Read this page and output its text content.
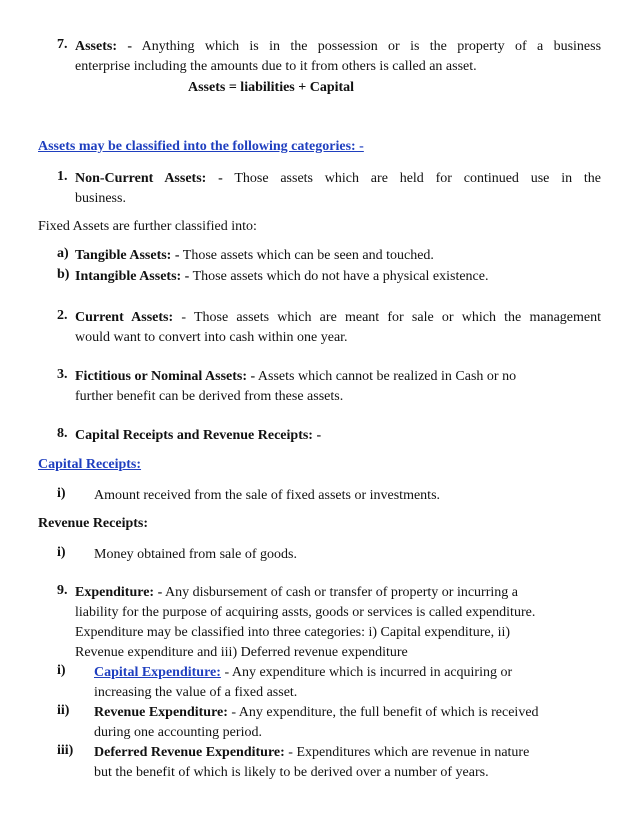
7. Assets: - Anything which is in the possession or is the property of a business
enterprise including the amounts due to it from others is called an asset.
Assets = liabilities + Capital
Assets may be classified into the following categories: -
1. Non-Current Assets: - Those assets which are held for continued use in the
business.
Fixed Assets are further classified into:
a) Tangible Assets: - Those assets which can be seen and touched.
b) Intangible Assets: - Those assets which do not have a physical existence.
2. Current Assets: - Those assets which are meant for sale or which the management
would want to convert into cash within one year.
3. Fictitious or Nominal Assets: - Assets which cannot be realized in Cash or no
further benefit can be derived from these assets.
8. Capital Receipts and Revenue Receipts: -
Capital Receipts:
i) Amount received from the sale of fixed assets or investments.
Revenue Receipts:
i) Money obtained from sale of goods.
9. Expenditure: - Any disbursement of cash or transfer of property or incurring a
liability for the purpose of acquiring assts, goods or services is called expenditure.
Expenditure may be classified into three categories: i) Capital expenditure, ii)
Revenue expenditure and iii) Deferred revenue expenditure
i) Capital Expenditure: - Any expenditure which is incurred in acquiring or
increasing the value of a fixed asset.
ii) Revenue Expenditure: - Any expenditure, the full benefit of which is received
during one accounting period.
iii) Deferred Revenue Expenditure: - Expenditures which are revenue in nature
but the benefit of which is likely to be derived over a number of years.
